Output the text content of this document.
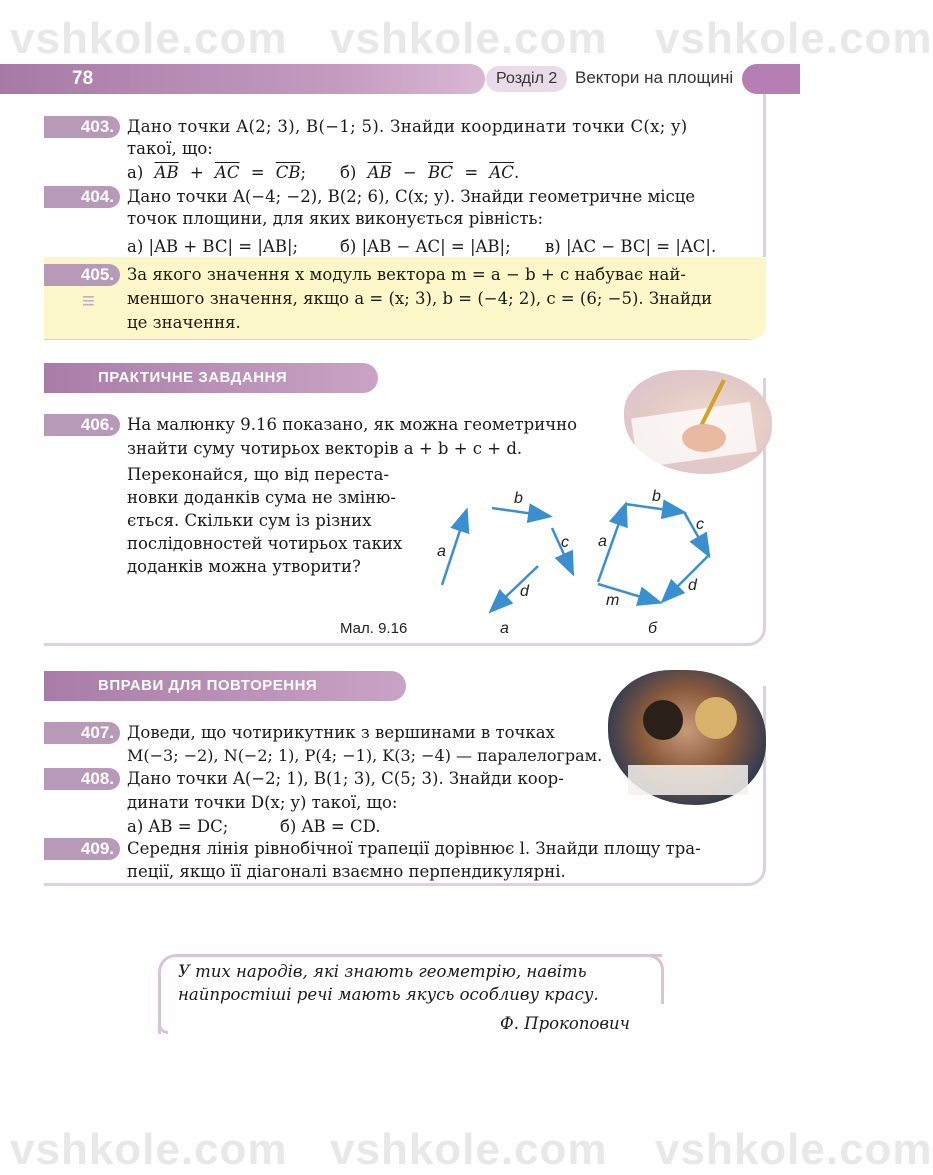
vshkole.com vshkole.com vshkole.com
vshkole.com vshkole.com vshkole.com
78	Розділ 2	Вектори на площині
403. Дано точки A(2; 3), B(−1; 5). Знайди координати точки C(x; y)
такої, що:
а) $\overline{AB} + \overline{AC} = \overline{CB}$; б) $\overline{AB} - \overline{BC} = \overline{AC}$.
404. Дано точки A(−4; −2), B(2; 6), C(x; y). Знайди геометричне місце
точок площини, для яких виконується рівність:
а) |AB + BC| = |AB|;	б) |AB − AC| = |AB|; в) |AC − BC| = |AC|.
405.
≡
За якого значення x модуль вектора m = a − b + c набуває най-
меншого значення, якщо a = (x; 3), b = (−4; 2), c = (6; −5). Знайди
це значення.
ПРАКТИЧНЕ ЗАВДАННЯ
406. На малюнку 9.16 показано, як можна геометрично
знайти суму чотирьох векторів a + b + c + d.
Переконайся, що від переста-
новки доданків сума не зміню-
ється. Скільки сум із різних
послідовностей чотирьох таких
доданків можна утворити?
a
b
c
d
a
b
c
d
m
Мал. 9.16	а	б
ВПРАВИ ДЛЯ ПОВТОРЕННЯ
407. Доведи, що чотирикутник з вершинами в точках
M(−3; −2), N(−2; 1), P(4; −1), K(3; −4) — паралелограм.
408. Дано точки A(−2; 1), B(1; 3), C(5; 3). Знайди коор-
динати точки D(x; y) такої, що:
а) AB = DC;	б) AB = CD.
409. Середня лінія рівнобічної трапеції дорівнює l. Знайди площу тра-
пеції, якщо її діагоналі взаємно перпендикулярні.
У тих народів, які знають геометрію, навіть
найпростіші речі мають якусь особливу красу.
Ф. Прокопович
